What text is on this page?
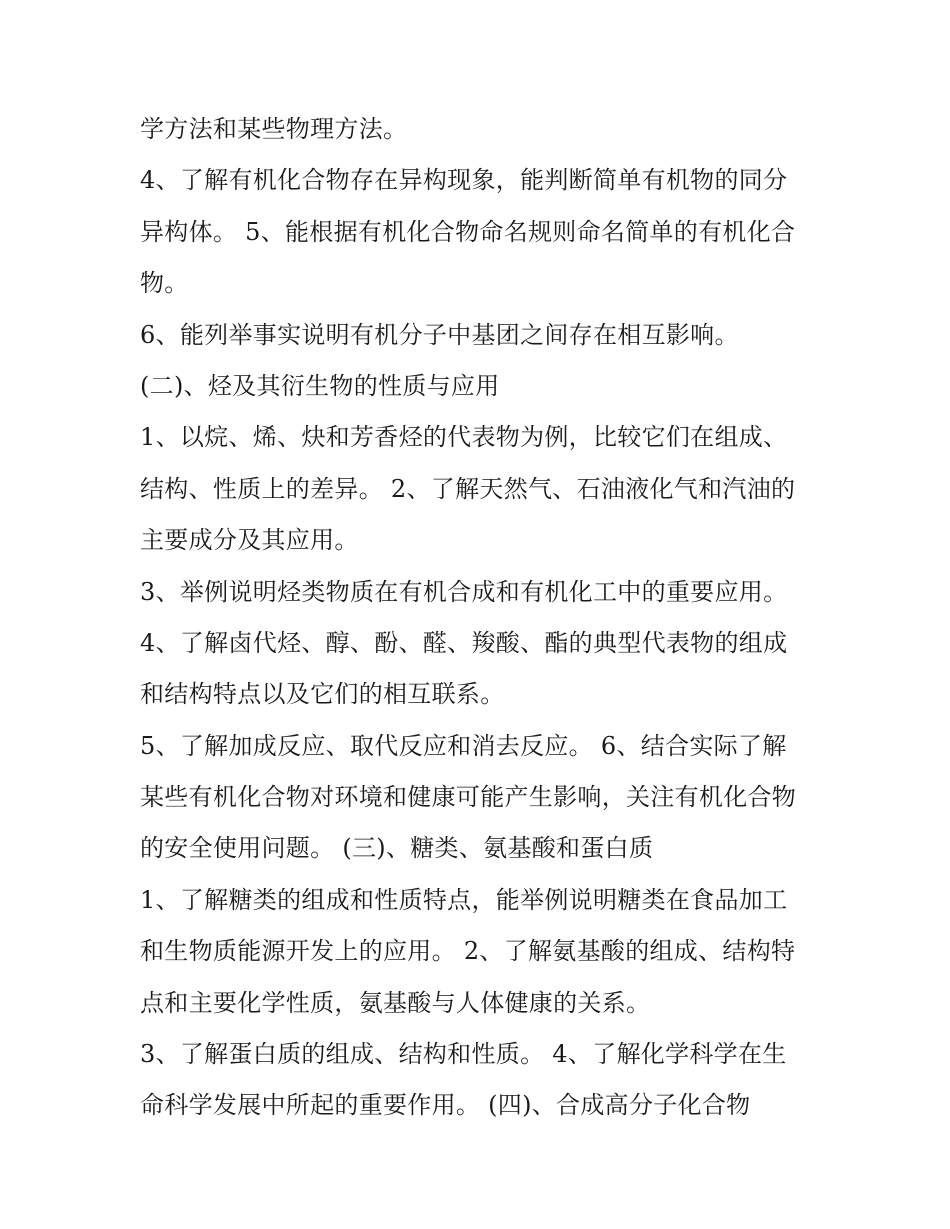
学方法和某些物理方法。

4、了解有机化合物存在异构现象，能判断简单有机物的同分

异构体。 5、能根据有机化合物命名规则命名简单的有机化合

物。

6、能列举事实说明有机分子中基团之间存在相互影响。

(二)、烃及其衍生物的性质与应用

1、以烷、烯、炔和芳香烃的代表物为例，比较它们在组成、

结构、性质上的差异。 2、了解天然气、石油液化气和汽油的

主要成分及其应用。

3、举例说明烃类物质在有机合成和有机化工中的重要应用。

4、了解卤代烃、醇、酚、醛、羧酸、酯的典型代表物的组成

和结构特点以及它们的相互联系。

5、了解加成反应、取代反应和消去反应。 6、结合实际了解

某些有机化合物对环境和健康可能产生影响，关注有机化合物

的安全使用问题。 (三)、糖类、氨基酸和蛋白质

1、了解糖类的组成和性质特点，能举例说明糖类在食品加工

和生物质能源开发上的应用。 2、了解氨基酸的组成、结构特

点和主要化学性质，氨基酸与人体健康的关系。

3、了解蛋白质的组成、结构和性质。 4、了解化学科学在生

命科学发展中所起的重要作用。 (四)、合成高分子化合物
